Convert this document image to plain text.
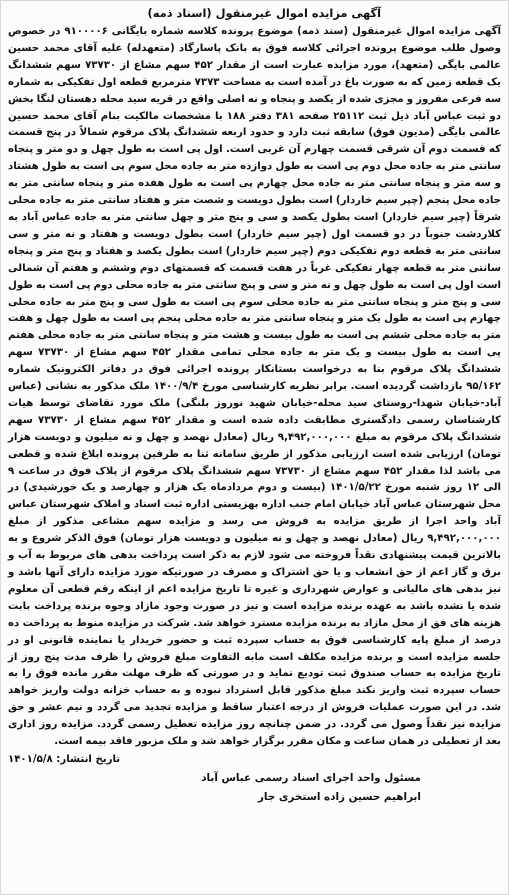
آگهی مزایده اموال غیرمنقول (اسناد ذمه)

آگهی مزایده اموال غیرمنقول (سند ذمه) موضوع پرونده کلاسه شماره بایگانی ۹۱۰۰۰۰۶ در خصوص وصول طلب موضوع پرونده اجرائی کلاسه فوق به بانک پاسارگاد (متعهدله) علیه آقای محمد حسین عالمی بایگی (متعهد)، مورد مزایده عبارت است از مقدار ۴۵۲ سهم مشاع از ۷۳۷۳۰ سهم ششدانگ یک قطعه زمین که به صورت باغ در آمده است به مساحت ۷۳۷۳ مترمربع قطعه اول تفکیکی به شماره سه فرعی مفروز و مجزی شده از یکصد و پنجاه و نه اصلی واقع در قریه سید محله دهستان لنگا بخش دو ثبت عباس آباد ذیل ثبت ۲۵۱۱۲ صفحه ۳۸۱ دفتر ۱۸۸ با مشخصات مالکیت بنام آقای محمد حسین عالمی بایگی (مدیون فوق) سابقه ثبت دارد و حدود اربعه ششدانگ پلاک مرقوم شمالاً در پنج قسمت که قسمت دوم آن شرقی قسمت چهارم آن غربی است. اول پی است به طول چهل و دو متر و پنجاه سانتی متر به جاده محل دوم پی است به طول دوازده متر به جاده محل سوم پی است به طول هشتاد و سه متر و پنجاه سانتی متر به جاده محل چهارم پی است به طول هفده متر و پنجاه سانتی متر به جاده محل پنجم (چپر سیم خاردار) است بطول دویست و شصت متر و هفتاد سانتی متر به جاده محلی شرقاً (چپر سیم خاردار) است بطول یکصد و سی و پنج متر و چهل سانتی متر به جاده عباس آباد به کلاردشت جنوباً در دو قسمت اول (چپر سیم خاردار) است بطول دویست و هفتاد و نه متر و سی سانتی متر به قطعه دوم تفکیکی دوم (چپر سیم خاردار) است بطول یکصد و هفتاد و پنج متر و پنجاه سانتی متر به قطعه چهار تفکیکی غرباً در هفت قسمت که قسمتهای دوم وششم و هفتم آن شمالی است اول پی است به طول چهل و نه متر و سی و پنج سانتی متر به جاده محلی دوم پی است به طول سی و پنج متر و پنجاه سانتی متر به جاده محلی سوم پی است به طول سی و پنج متر به جاده محلی چهارم پی است به طول یک متر و پنجاه سانتی متر به جاده محلی پنجم پی است به طول چهل و هفت متر به جاده محلی ششم پی است به طول بیست و هشت متر و پنجاه سانتی متر به جاده محلی هفتم پی است به طول بیست و یک متر به جاده محلی تمامی مقدار ۴۵۲ سهم مشاع از ۷۳۷۳۰ سهم ششدانگ پلاک مرقوم بنا به درخواست بستانکار پرونده اجرائی فوق در دفاتر الکترونیک شماره ۹۵/۱۶۲ بازداشت گردیده است. برابر نظریه کارشناسی مورخ ۱۴۰۰/۹/۴ ملک مذکور به نشانی (عباس آباد-خیابان شهدا-روستای سید محله-خیابان شهید نوروز بلنگی) ملک مورد تقاضای توسط هیات کارشناسان رسمی دادگستری مطابقت داده شده است و مقدار ۴۵۲ سهم مشاع از ۷۳۷۳۰ سهم ششدانگ پلاک مرقوم به مبلغ ۹,۴۹۲,۰۰۰,۰۰۰ ریال (معادل نهصد و چهل و نه میلیون و دویست هزار تومان) ارزیابی شده است ارزیابی مذکور از طریق سامانه ثنا به طرفین پرونده ابلاغ شده و قطعی می باشد لذا مقدار ۴۵۲ سهم مشاع از ۷۳۷۳۰ سهم ششدانگ پلاک مرقوم از پلاک فوق در ساعت ۹ الی ۱۲ روز شنبه مورخ ۱۴۰۱/۵/۲۲ (بیست و دوم مردادماه یک هزار و چهارصد و یک خورشیدی) در محل شهرستان عباس آباد خیابان امام جنب اداره بهزیستی اداره ثبت اسناد و املاک شهرستان عباس آباد واحد اجرا از طریق مزایده به فروش می رسد و مزایده سهم مشاعی مذکور از مبلغ ۹,۴۹۲,۰۰۰,۰۰۰ ریال (معادل نهصد و چهل و نه میلیون و دویست هزار تومان) فوق الذکر شروع و به بالاترین قیمت پیشنهادی نقداً فروخته می شود لازم به ذکر است پرداخت بدهی های مربوط به آب و برق و گاز اعم از حق انشعاب و یا حق اشتراک و مصرف در صورتیکه مورد مزایده دارای آنها باشد و نیز بدهی های مالیاتی و عوارض شهرداری و غیره تا تاریخ مزایده اعم از اینکه رقم قطعی آن معلوم شده یا نشده باشد به عهده برنده مزایده است و نیز در صورت وجود مازاد وجوه برنده پرداخت بابت هزینه های فق از محل مازاد به برنده مزایده مسترد خواهد شد. شرکت در مزایده منوط به پرداخت ده درصد از مبلغ پایه کارشناسی فوق به حساب سپرده ثبت و حضور خریدار یا نماینده قانونی او در جلسه مزایده است و برنده مزایده مکلف است مابه التفاوت مبلغ فروش را ظرف مدت پنج روز از تاریخ مزایده به حساب صندوق ثبت تودیع نماید و در صورتی که ظرف مهلت مقرر مانده فوق را به حساب سپرده ثبت واریز نکند مبلغ مذکور قابل استرداد نبوده و به حساب خزانه دولت واریز خواهد شد. در این صورت عملیات فروش از درجه اعتبار ساقط و مزایده تجدید می گردد و نیم عشر و حق مزایده نیز نقداً وصول می گردد. در ضمن چنانچه روز مزایده تعطیل رسمی گردد. مزایده روز اداری بعد از تعطیلی در همان ساعت و مکان مقرر برگزار خواهد شد و ملک مزبور فاقد بیمه است.

تاریخ انتشار: ۱۴۰۱/۵/۸

مسئول واحد اجرای اسناد رسمی عباس آباد

ابراهیم حسین زاده استخری جار
